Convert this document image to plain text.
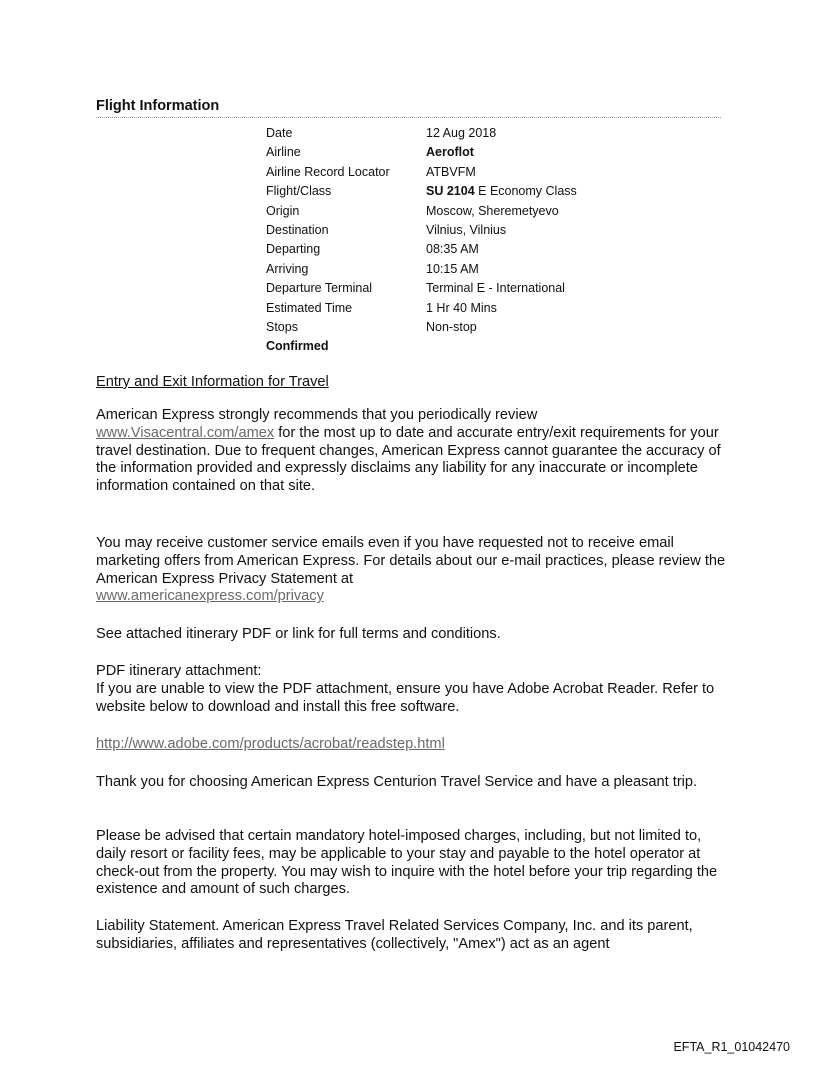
Flight Information
Date	12 Aug 2018
Airline	Aeroflot
Airline Record Locator	ATBVFM
Flight/Class	SU 2104 E Economy Class
Origin	Moscow, Sheremetyevo
Destination	Vilnius, Vilnius
Departing	08:35 AM
Arriving	10:15 AM
Departure Terminal	Terminal E - International
Estimated Time	1 Hr 40 Mins
Stops	Non-stop
Confirmed	

Entry and Exit Information for Travel

American Express strongly recommends that you periodically review
www.Visacentral.com/amex for the most up to date and accurate entry/exit requirements for your travel destination. Due to frequent changes, American Express cannot guarantee the accuracy of the information provided and expressly disclaims any liability for any inaccurate or incomplete information contained on that site.

You may receive customer service emails even if you have requested not to receive email marketing offers from American Express. For details about our e-mail practices, please review the American Express Privacy Statement at
www.americanexpress.com/privacy

See attached itinerary PDF or link for full terms and conditions.

PDF itinerary attachment:
If you are unable to view the PDF attachment, ensure you have Adobe Acrobat Reader. Refer to website below to download and install this free software.

http://www.adobe.com/products/acrobat/readstep.html

Thank you for choosing American Express Centurion Travel Service and have a pleasant trip.

Please be advised that certain mandatory hotel-imposed charges, including, but not limited to, daily resort or facility fees, may be applicable to your stay and payable to the hotel operator at check-out from the property. You may wish to inquire with the hotel before your trip regarding the existence and amount of such charges.

Liability Statement. American Express Travel Related Services Company, Inc. and its parent, subsidiaries, affiliates and representatives (collectively, "Amex") act as an agent

EFTA_R1_01042470
